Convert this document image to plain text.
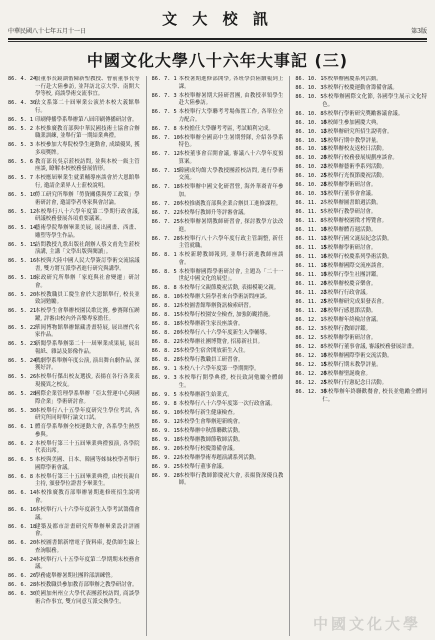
文 大 校 訊
中華民國八十七年五月十一日	第3版
中國文化大學八十六年大事記 (三)
86. 4. 24
張董事長鏡湖偕陳新聖教授、曹前董事長等一行赴大陸參訪, 並拜訪北京大學、南開大學等校, 商談學術交流事宜。
86. 4. 30
法文系第二十屆畢業公演於本校大義館舉行。
86. 5. 1 印刷傳播學系舉辦第八屆印刷傳播研討會。
86. 5. 2 本校推廣教育部與中華民國技術士協會合辦職業訓練, 並舉行第一期結業典禮。
86. 5. 3 本校參加大專院校學生運動會, 成績優異, 獲多項獎牌。
86. 5. 6 教育部長吳京蒞校訪問, 並與本校一級主管座談, 瞭解本校校務發展情形。
86. 5. 7 本校應屆畢業生就業輔導座談會於大恩館舉行, 邀請企業界人士蒞校說明。
86. 5. 10
勞工研究所舉辦「勞資關係與勞工政策」學術研討會, 邀請學者專家與會討論。
86. 5. 12
本校舉行八十六學年度第二學期行政會議, 研議校務發展各項重要議案。
86. 5. 14
藝術學院舉辦畢業美展, 展出國畫、西畫、雕塑等學生作品。
86. 5. 15
訪問教授九歌出版社創辦人蔡文甫先生蒞校演講, 主講「文學出版與閱讀」。
86. 5. 16
本校與大陸中國人民大學簽訂學術交流協議書, 雙方將互派學者進行研究與講學。
86. 5. 18
家政研究所舉辦「家庭與社會變遷」研討會。
86. 5. 20
本校教職員工慶生會於大恩館舉行, 校長並致詞勉勵。
86. 5. 21
本校學生會舉辦校園民歌比賽, 參賽隊伍踴躍, 評審由校內外音樂專家擔任。
86. 5. 22
華岡博物館舉辦館藏書畫特展, 展出歷代名家作品。
86. 5. 23
新聞學系舉辦第二十一屆畢業成果展, 展出報紙、雜誌及影像作品。
86. 5. 24
戲劇學系舉辦年度公演, 演出舞台劇作品, 深獲好評。
86. 5. 26
本校舉行傑出校友選拔, 表揚在各行各業表現優異之校友。
86. 5. 28
國際企業管理學系舉辦「亞太營運中心與國際企業」學術研討會。
86. 5. 30
本校舉行八十五學年度研究生學位考試, 各研究所同時舉行論文口試。
86. 6. 1 體育學系舉辦全校運動大會, 各系學生熱烈參與。
86. 6. 2 本校舉行第三十五屆畢業典禮預演, 各學院代表出席。
86. 6. 5 本校與美國、日本、韓國等姊妹校學者舉行國際學術會議。
86. 6. 8 本校舉行第三十五屆畢業典禮, 由校長親自主持, 頒發學位證書予畢業生。
86. 6. 14
本校推廣教育部舉辦暑期進修班招生說明會。
86. 6. 16
本校舉行八十六學年度新生入學考試籌備會議。
86. 6. 18
建築及都市計畫研究所舉辦畢業設計評圖會。
86. 6. 20
本校圖書館新增電子資料庫, 提供師生線上查詢服務。
86. 6. 24
本校舉行八十五學年度第二學期期末校務會議。
86. 6. 26
學務處舉辦暑期社團幹部訓練營。
86. 6. 28
本校教職員參加教育部舉辦之教學研討會。
86. 6. 30
美國加州州立大學代表團蒞校訪問, 商談學術合作事宜, 雙方同意互派交換學生。
86. 7. 1 本校暑期進修部開學, 各班學員陸續報到上課。
86. 7. 3 本校舉辦暑期大陸研習團, 由教授率領學生赴大陸參訪。
86. 7. 5 本校舉行大學聯考考場佈置工作, 各單位全力配合。
86. 7. 8 本校擔任大學聯考考區, 考試順利完成。
86. 7. 10
本校舉辦全國高中生暑期營隊, 介紹各學系特色。
86. 7. 12
本校董事會召開會議, 審議八十六學年度預算案。
86. 7. 15
韓國成均館大學教授團蒞校訪問, 進行學術交流。
86. 7. 18
本校舉辦中國文化研習營, 海外華裔青年參加。
86. 7. 20
本校推廣教育部與企業合辦員工進修課程。
86. 7. 22
本校舉行教師升等評審會議。
86. 7. 25
本校舉辦暑期教師研習會, 探討教學方法改進。
86. 7. 28
本校舉行八十六學年度行政主管調整, 新任主管就職。
86. 8. 1 本校新聘教師報到, 並舉行新進教師座談會。
86. 8. 5 本校舉辦國際學術研討會, 主題為「二十一世紀中國文化的展望」。
86. 8. 8 本校舉行父親節慶祝活動, 表揚模範父親。
86. 8. 10
本校舉辦大陸學者來台學術訪問座談。
86. 8. 12
本校圖書館舉辦資訊檢索研習。
86. 8. 15
本校舉行校園安全檢查, 加強防颱措施。
86. 8. 18
本校舉辦新生家長座談會。
86. 8. 20
本校舉行八十六學年度新生入學輔導。
86. 8. 22
本校舉辦社團博覽會, 招募新社員。
86. 8. 25
本校學生宿舍開放新生入住。
86. 8. 28
本校舉行教職員工研習會。
86. 9. 1 本校八十六學年度第一學期開學。
86. 9. 3 本校舉行開學典禮, 校長致詞勉勵全體師生。
86. 9. 5 本校舉辦新生始業式。
86. 9. 8 本校舉行八十六學年度第一次行政會議。
86. 9. 10
本校舉行新生健康檢查。
86. 9. 12
本校學生會舉辦迎新晚會。
86. 9. 15
本校舉辦中秋節聯歡活動。
86. 9. 18
本校舉辦教師節敬師活動。
86. 9. 20
本校舉行校慶籌備會議。
86. 9. 22
本校舉辦學術專題演講系列活動。
86. 9. 25
本校舉行董事會議。
86. 9. 28
本校舉行教師節慶祝大會, 表揚資深優良教師。
86. 10. 1
本校舉辦國慶系列活動。
86. 10. 3
本校舉行校慶運動會籌備會議。
86. 10. 5
本校舉辦國際文化節, 各國學生展示文化特色。
86. 10. 8
本校舉行學術研究獎勵審議會議。
86. 10. 10
本校師生參加國慶大典。
86. 10. 12
本校舉辦研究所招生說明會。
86. 10. 15
本校舉行期中教學評量。
86. 10. 18
本校舉辦校友返校日活動。
86. 10. 20
本校舉行校務發展規劃座談會。
86. 10. 22
本校舉辦藝術季系列活動。
86. 10. 25
本校舉行光復節慶祝活動。
86. 10. 28
本校舉辦學術研討會。
86. 10. 31
本校舉行董事會會議。
86. 11. 2
本校舉辦圖書館週活動。
86. 11. 5
本校舉行教學研討會。
86. 11. 8
本校舉辦校園徵才博覽會。
86. 11. 10
本校舉辦體育週活動。
86. 11. 12
本校舉行國父誕辰紀念活動。
86. 11. 15
本校舉辦學術研討會。
86. 11. 16
本校舉行校慶系列學術活動。
86. 11. 18
本校舉辦國際交流座談會。
86. 11. 19
本校舉行學生社團評鑑。
86. 11. 20
本校舉辦校慶音樂會。
86. 11. 22
本校舉行行政會議。
86. 11. 25
本校舉辦研究成果發表會。
86. 11. 28
本校舉行感恩節活動。
86. 12. 1
本校舉辦年終檢討會議。
86. 12. 3
本校舉行教師評鑑。
86. 12. 5
本校舉辦學術研討會。
86. 12. 8
本校舉行董事會議, 審議校務發展計畫。
86. 12. 10
本校舉辦國際學術交流活動。
86. 12. 15
本校舉行期末教學評量。
86. 12. 20
本校舉辦聖誕晚會。
86. 12. 25
本校舉行行憲紀念日活動。
86. 12. 30
本校舉辦年終聯歡餐會, 校長並勉勵全體同仁。
中國文化大學
